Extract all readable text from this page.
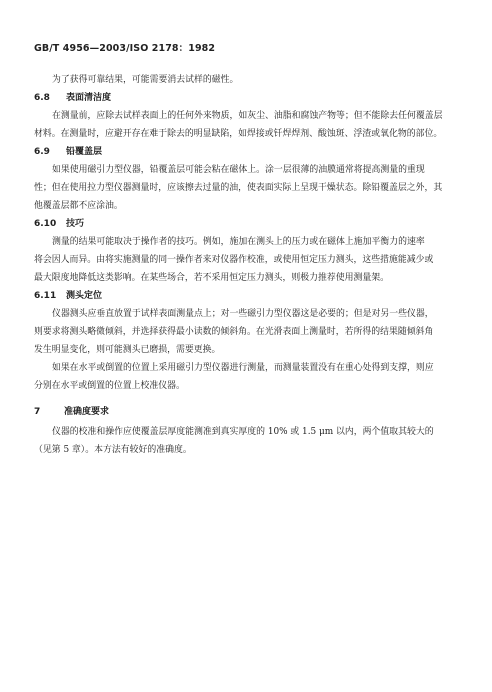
GB/T 4956—2003/ISO 2178：1982
为了获得可靠结果，可能需要消去试样的磁性。
6.8 表面清洁度
在测量前，应除去试样表面上的任何外来物质，如灰尘、油脂和腐蚀产物等；但不能除去任何覆盖层
材料。在测量时，应避开存在难于除去的明显缺陷，如焊接或钎焊焊剂、酸蚀斑、浮渣或氧化物的部位。
6.9 铅覆盖层
如果使用磁引力型仪器，铅覆盖层可能会粘在磁体上。涂一层很薄的油膜通常将提高测量的重现
性；但在使用拉力型仪器测量时，应该擦去过量的油，使表面实际上呈现干燥状态。除铅覆盖层之外，其
他覆盖层都不应涂油。
6.10 技巧
测量的结果可能取决于操作者的技巧。例如，施加在测头上的压力或在磁体上施加平衡力的速率
将会因人而异。由将实施测量的同一操作者来对仪器作校准，或使用恒定压力测头，这些措施能减少或
最大限度地降低这类影响。在某些场合，若不采用恒定压力测头，则极力推荐使用测量架。
6.11 测头定位
仪器测头应垂直放置于试样表面测量点上；对一些磁引力型仪器这是必要的；但是对另一些仪器，
则要求将测头略微倾斜，并选择获得最小读数的倾斜角。在光滑表面上测量时，若所得的结果随倾斜角
发生明显变化，则可能测头已磨损，需要更换。
如果在水平或倒置的位置上采用磁引力型仪器进行测量，而测量装置没有在重心处得到支撑，则应
分别在水平或倒置的位置上校准仪器。
7	准确度要求
仪器的校准和操作应使覆盖层厚度能测准到真实厚度的 10% 或 1.5 μm 以内，两个值取其较大的
（见第 5 章）。本方法有较好的准确度。
